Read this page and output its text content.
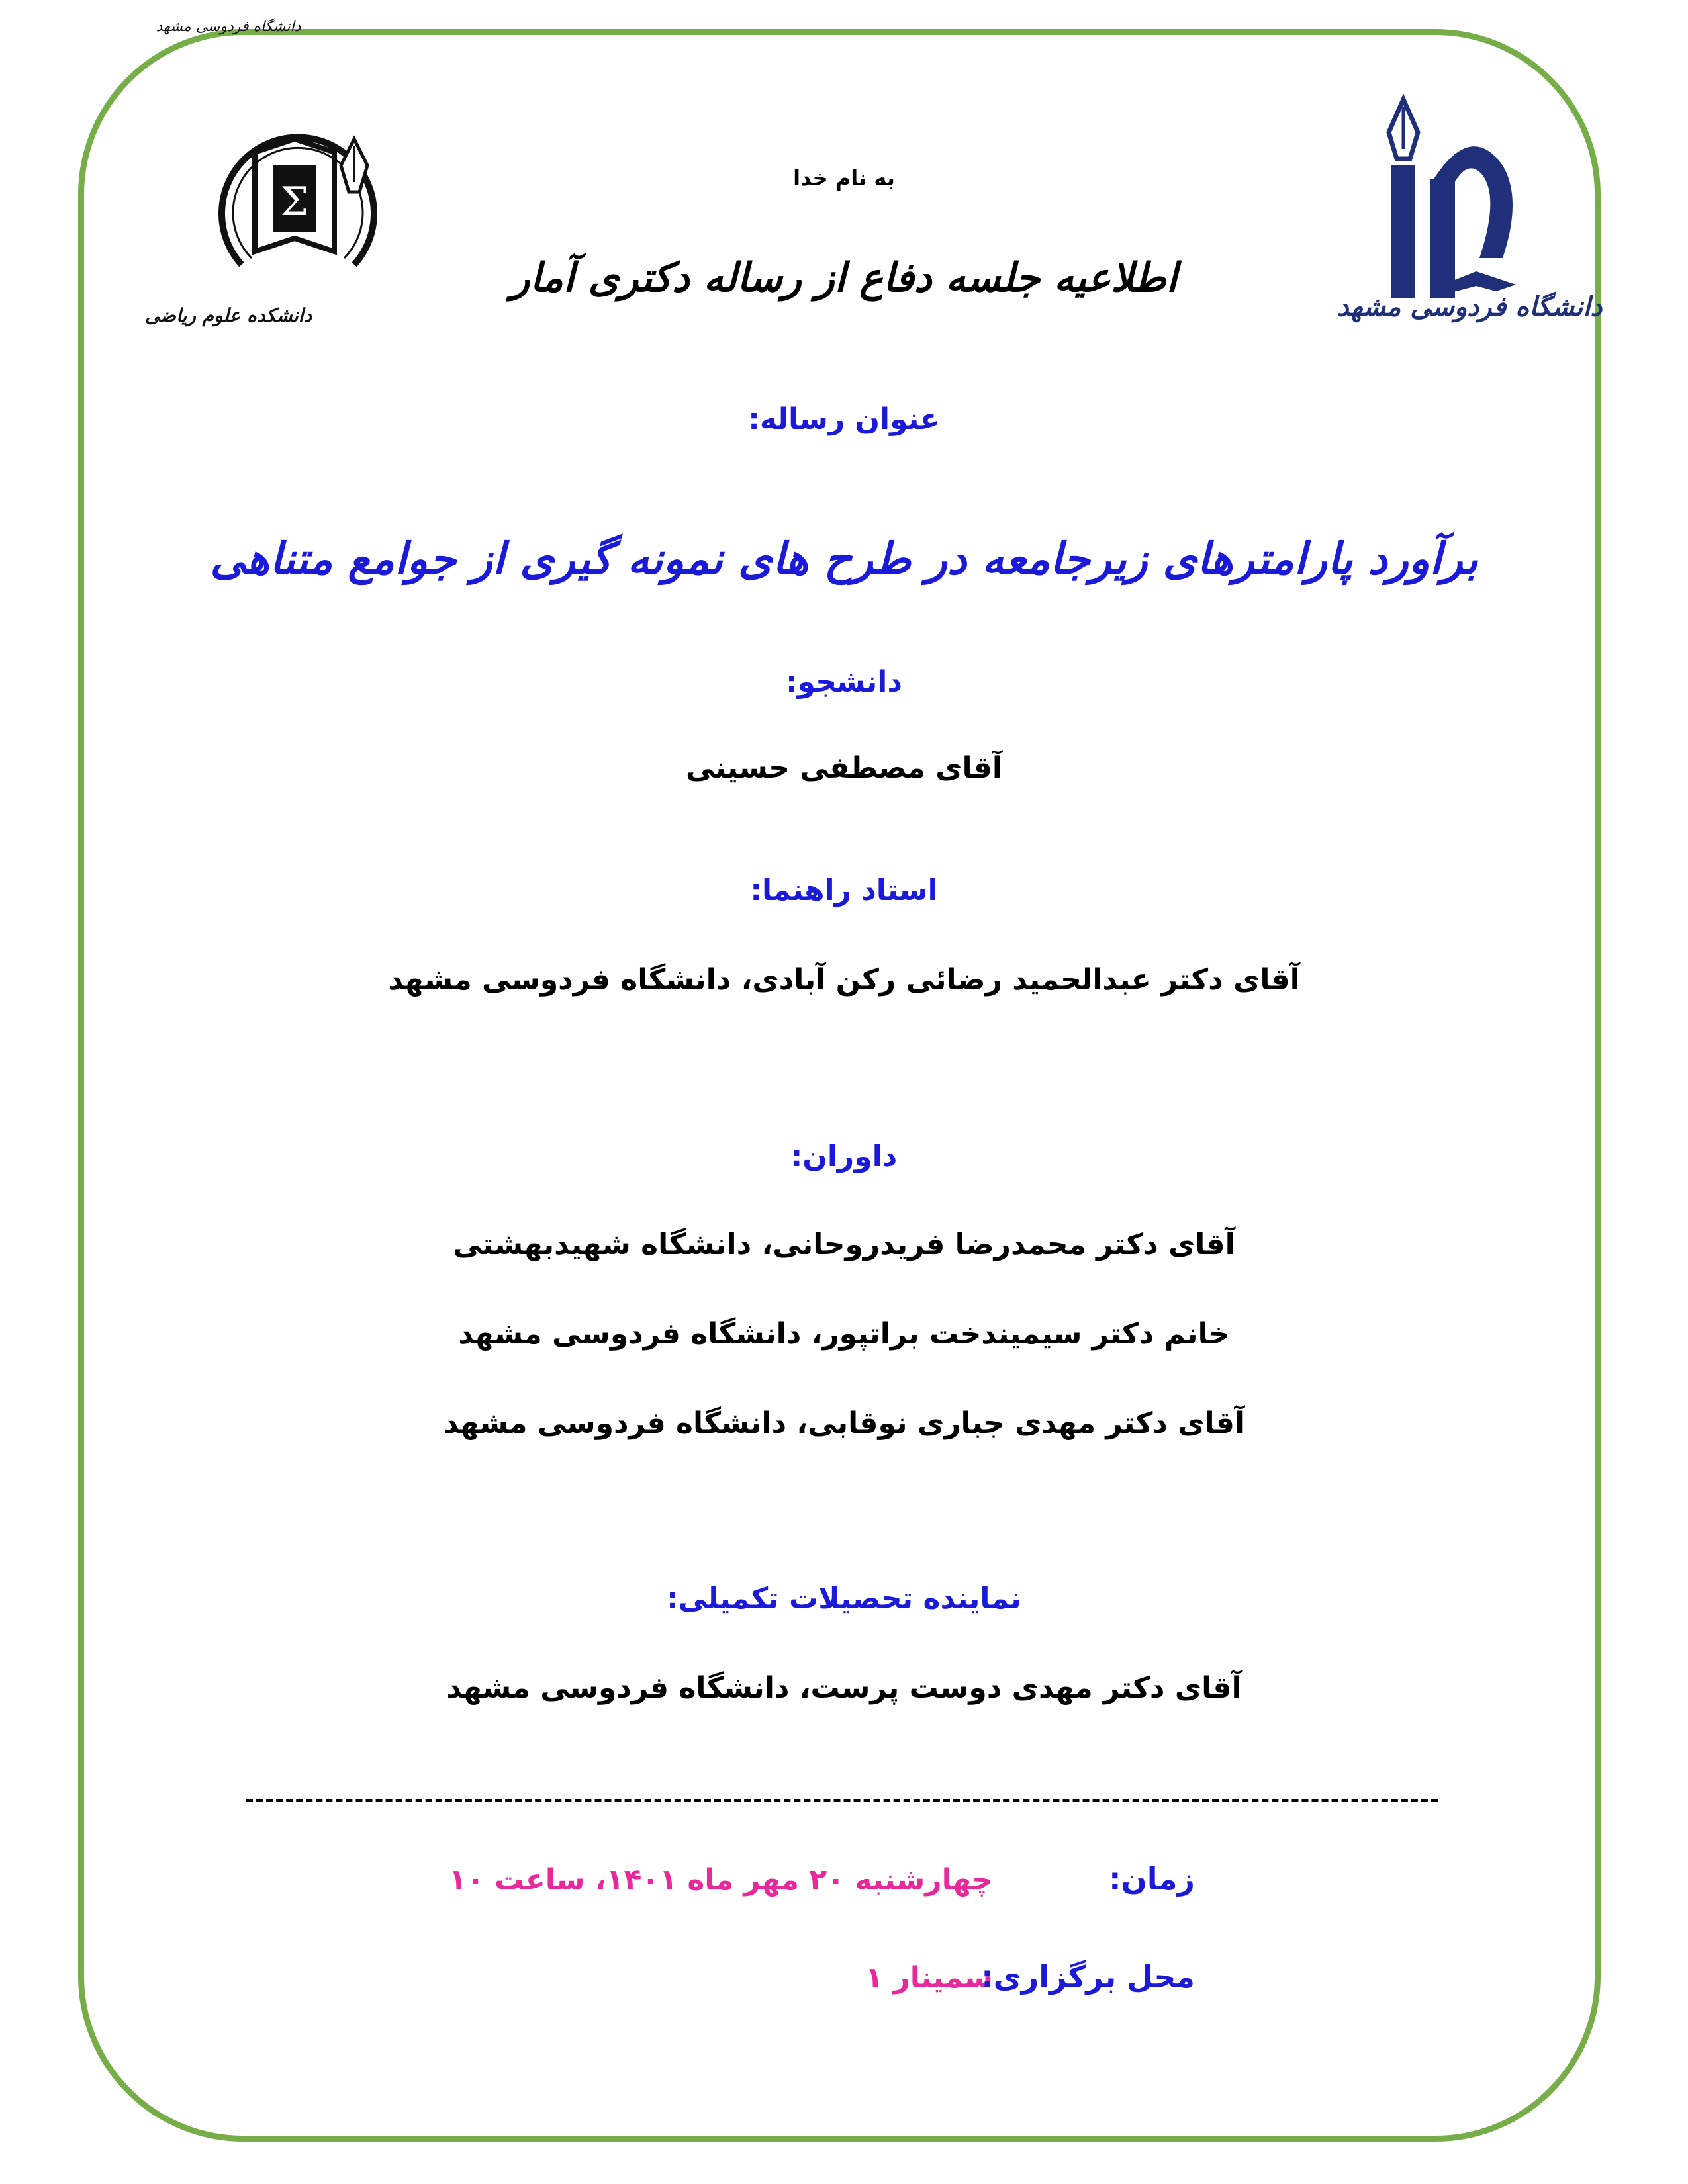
Σ
دانشگاه فردوسی مشهد
دانشکده علوم ریاضی	دانشگاه فردوسی مشهد
به نام خدا
اطلاعیه جلسه دفاع از رساله دکتری آمار
عنوان رساله:
برآورد پارامترهای زیرجامعه در طرح های نمونه گیری از جوامع متناهی
دانشجو:
آقای مصطفی حسینی
استاد راهنما:
آقای دکتر عبدالحمید رضائی رکن آبادی، دانشگاه فردوسی مشهد
داوران:
آقای دکتر محمدرضا فریدروحانی، دانشگاه شهیدبهشتی
خانم دکتر سیمیندخت براتپور، دانشگاه فردوسی مشهد
آقای دکتر مهدی جباری نوقابی، دانشگاه فردوسی مشهد
نماینده تحصیلات تکمیلی:
آقای دکتر مهدی دوست پرست، دانشگاه فردوسی مشهد
زمان: چهارشنبه ۲۰ مهر ماه ۱۴۰۱، ساعت ۱۰
محل برگزاری: سمینار ۱
